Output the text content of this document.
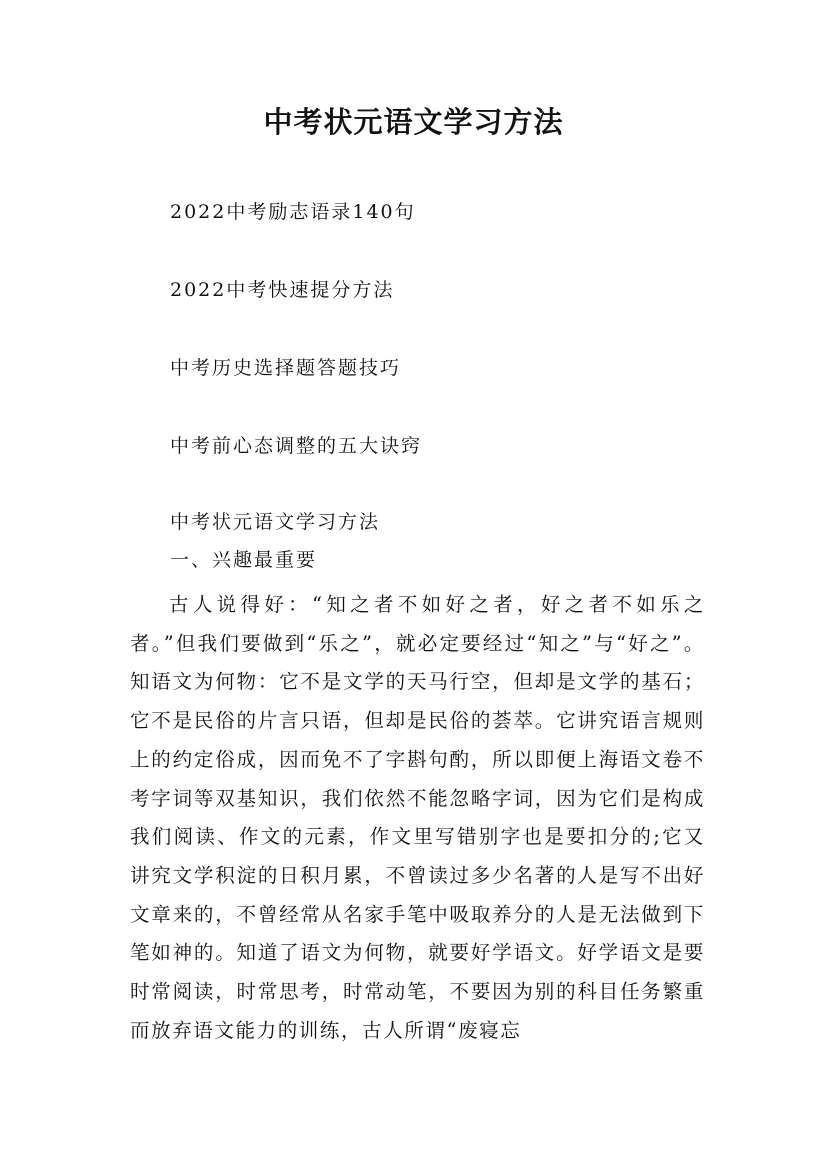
中考状元语文学习方法
2022中考励志语录140句
2022中考快速提分方法
中考历史选择题答题技巧
中考前心态调整的五大诀窍

中考状元语文学习方法

一、兴趣最重要

古人说得好：“知之者不如好之者，好之者不如乐之者。”但我们要做到“乐之”，就必定要经过“知之”与“好之”。知语文为何物：它不是文学的天马行空，但却是文学的基石；它不是民俗的片言只语，但却是民俗的荟萃。它讲究语言规则上的约定俗成，因而免不了字斟句酌，所以即便上海语文卷不考字词等双基知识，我们依然不能忽略字词，因为它们是构成我们阅读、作文的元素，作文里写错别字也是要扣分的;它又讲究文学积淀的日积月累，不曾读过多少名著的人是写不出好文章来的，不曾经常从名家手笔中吸取养分的人是无法做到下笔如神的。知道了语文为何物，就要好学语文。好学语文是要时常阅读，时常思考，时常动笔，不要因为别的科目任务繁重而放弃语文能力的训练，古人所谓“废寝忘
